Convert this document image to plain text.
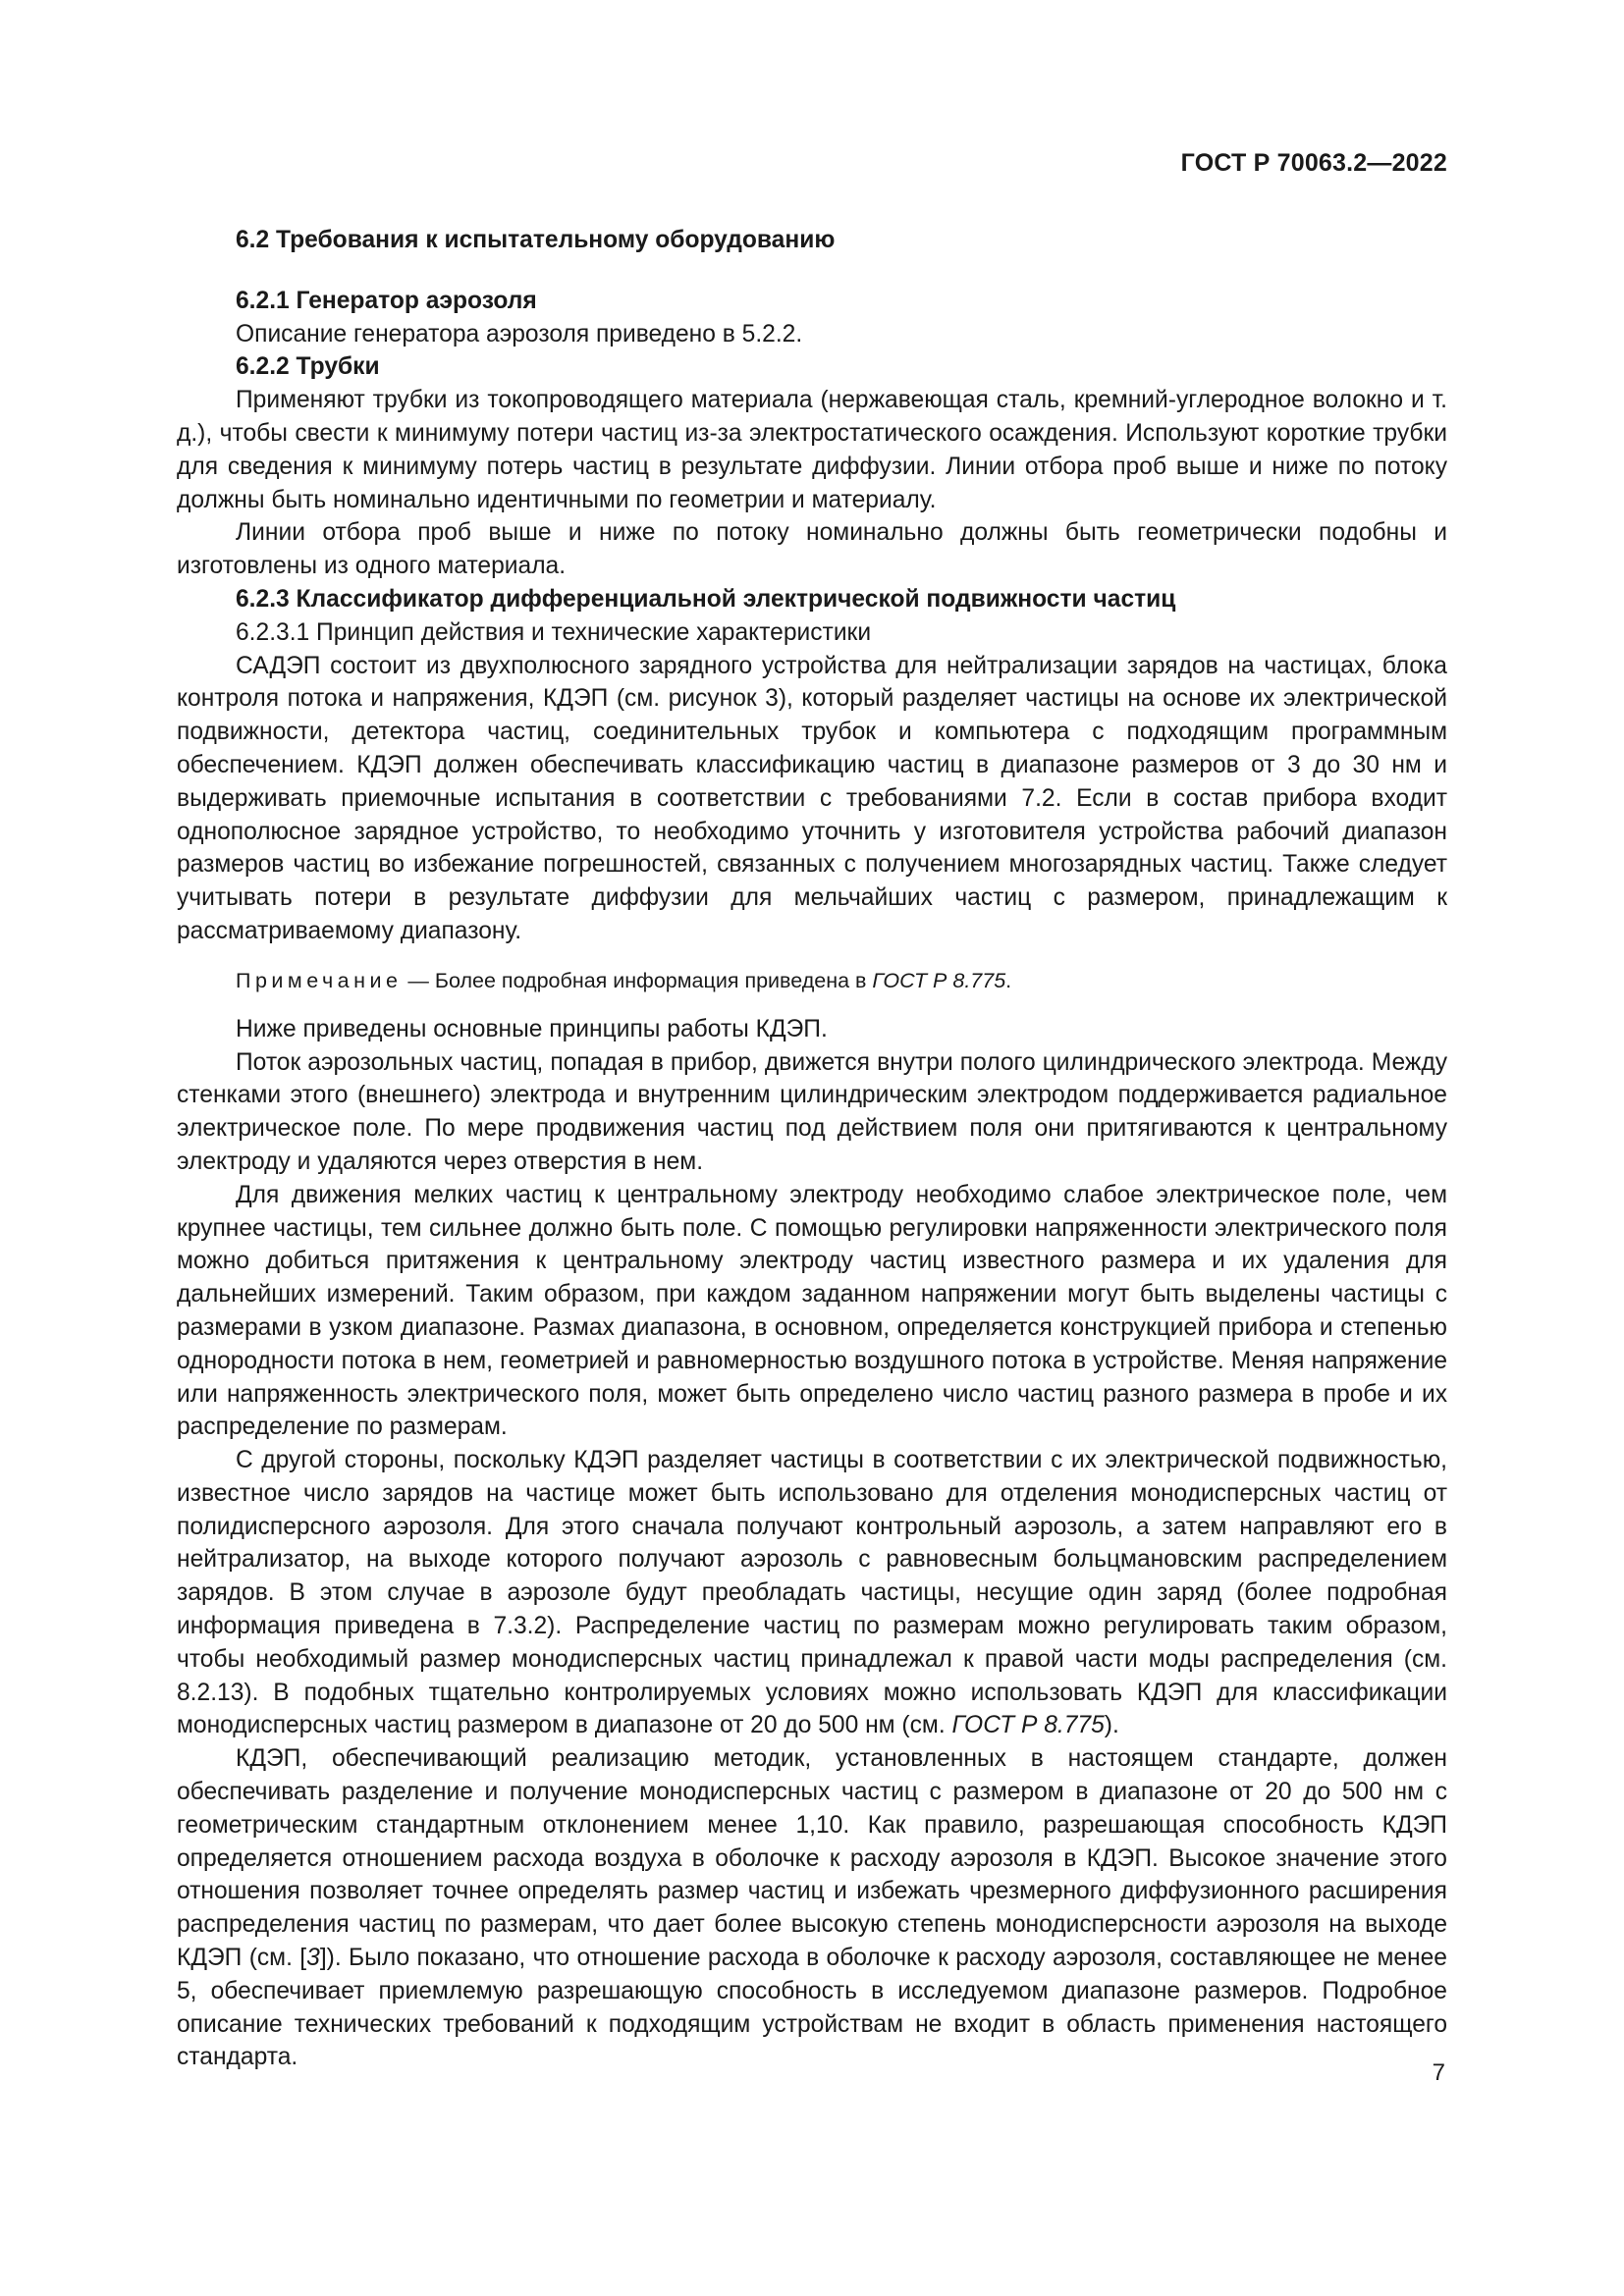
ГОСТ Р 70063.2—2022

6.2 Требования к испытательному оборудованию

6.2.1 Генератор аэрозоля

Описание генератора аэрозоля приведено в 5.2.2.

6.2.2 Трубки

Применяют трубки из токопроводящего материала (нержавеющая сталь, кремний-углеродное волокно и т. д.), чтобы свести к минимуму потери частиц из-за электростатического осаждения. Используют короткие трубки для сведения к минимуму потерь частиц в результате диффузии. Линии отбора проб выше и ниже по потоку должны быть номинально идентичными по геометрии и материалу.

Линии отбора проб выше и ниже по потоку номинально должны быть геометрически подобны и изготовлены из одного материала.

6.2.3 Классификатор дифференциальной электрической подвижности частиц

6.2.3.1 Принцип действия и технические характеристики

САДЭП состоит из двухполюсного зарядного устройства для нейтрализации зарядов на частицах, блока контроля потока и напряжения, КДЭП (см. рисунок 3), который разделяет частицы на основе их электрической подвижности, детектора частиц, соединительных трубок и компьютера с подходящим программным обеспечением. КДЭП должен обеспечивать классификацию частиц в диапазоне размеров от 3 до 30 нм и выдерживать приемочные испытания в соответствии с требованиями 7.2. Если в состав прибора входит однополюсное зарядное устройство, то необходимо уточнить у изготовителя устройства рабочий диапазон размеров частиц во избежание погрешностей, связанных с получением многозарядных частиц. Также следует учитывать потери в результате диффузии для мельчайших частиц с размером, принадлежащим к рассматриваемому диапазону.

Примечание — Более подробная информация приведена в ГОСТ Р 8.775.

Ниже приведены основные принципы работы КДЭП.

Поток аэрозольных частиц, попадая в прибор, движется внутри полого цилиндрического электрода. Между стенками этого (внешнего) электрода и внутренним цилиндрическим электродом поддерживается радиальное электрическое поле. По мере продвижения частиц под действием поля они притягиваются к центральному электроду и удаляются через отверстия в нем.

Для движения мелких частиц к центральному электроду необходимо слабое электрическое поле, чем крупнее частицы, тем сильнее должно быть поле. С помощью регулировки напряженности электрического поля можно добиться притяжения к центральному электроду частиц известного размера и их удаления для дальнейших измерений. Таким образом, при каждом заданном напряжении могут быть выделены частицы с размерами в узком диапазоне. Размах диапазона, в основном, определяется конструкцией прибора и степенью однородности потока в нем, геометрией и равномерностью воздушного потока в устройстве. Меняя напряжение или напряженность электрического поля, может быть определено число частиц разного размера в пробе и их распределение по размерам.

С другой стороны, поскольку КДЭП разделяет частицы в соответствии с их электрической подвижностью, известное число зарядов на частице может быть использовано для отделения монодисперсных частиц от полидисперсного аэрозоля. Для этого сначала получают контрольный аэрозоль, а затем направляют его в нейтрализатор, на выходе которого получают аэрозоль с равновесным больцмановским распределением зарядов. В этом случае в аэрозоле будут преобладать частицы, несущие один заряд (более подробная информация приведена в 7.3.2). Распределение частиц по размерам можно регулировать таким образом, чтобы необходимый размер монодисперсных частиц принадлежал к правой части моды распределения (см. 8.2.13). В подобных тщательно контролируемых условиях можно использовать КДЭП для классификации монодисперсных частиц размером в диапазоне от 20 до 500 нм (см. ГОСТ Р 8.775).

КДЭП, обеспечивающий реализацию методик, установленных в настоящем стандарте, должен обеспечивать разделение и получение монодисперсных частиц с размером в диапазоне от 20 до 500 нм с геометрическим стандартным отклонением менее 1,10. Как правило, разрешающая способность КДЭП определяется отношением расхода воздуха в оболочке к расходу аэрозоля в КДЭП. Высокое значение этого отношения позволяет точнее определять размер частиц и избежать чрезмерного диффузионного расширения распределения частиц по размерам, что дает более высокую степень монодисперсности аэрозоля на выходе КДЭП (см. [3]). Было показано, что отношение расхода в оболочке к расходу аэрозоля, составляющее не менее 5, обеспечивает приемлемую разрешающую способность в исследуемом диапазоне размеров. Подробное описание технических требований к подходящим устройствам не входит в область применения настоящего стандарта.

7
